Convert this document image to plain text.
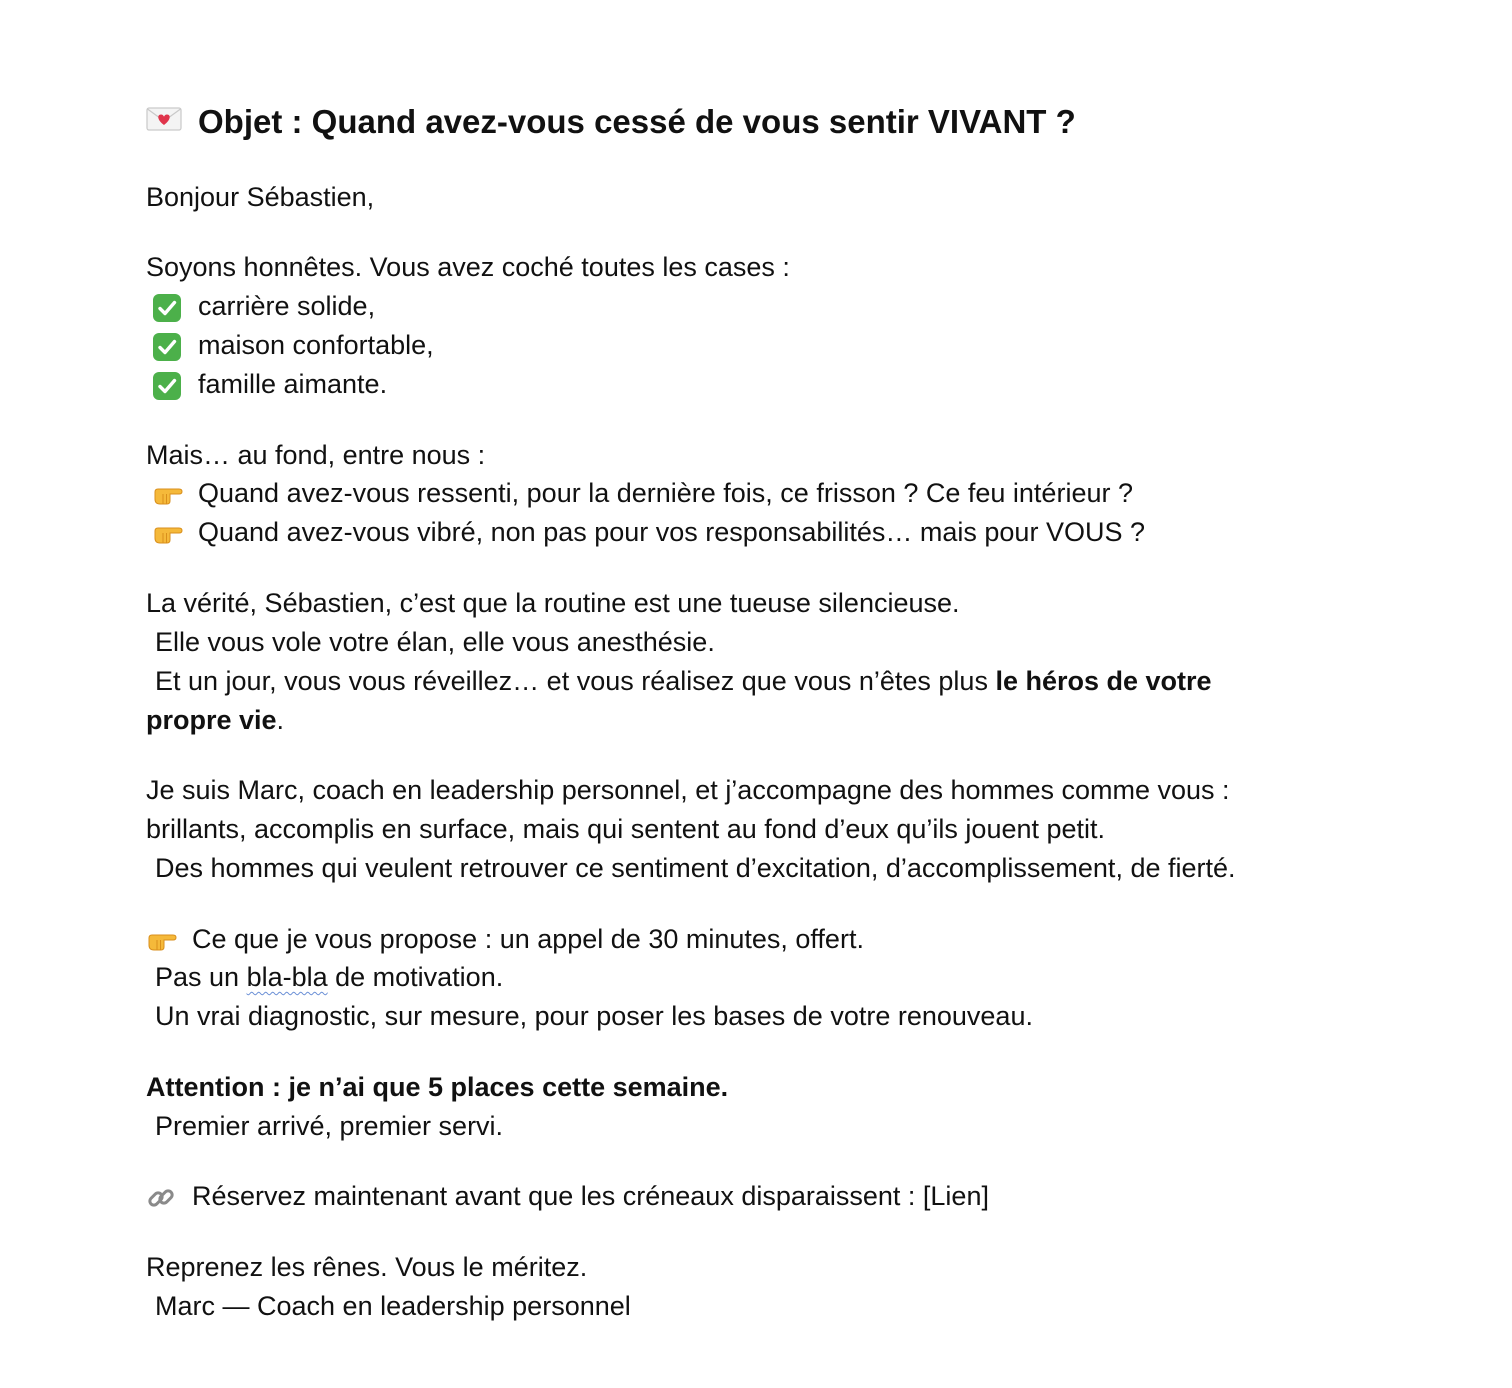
Objet : Quand avez-vous cessé de vous sentir VIVANT ?
Bonjour Sébastien,
Soyons honnêtes. Vous avez coché toutes les cases :
carrière solide,
maison confortable,
famille aimante.
Mais… au fond, entre nous :
Quand avez-vous ressenti, pour la dernière fois, ce frisson ? Ce feu intérieur ?
Quand avez-vous vibré, non pas pour vos responsabilités… mais pour VOUS ?
La vérité, Sébastien, c’est que la routine est une tueuse silencieuse.
Elle vous vole votre élan, elle vous anesthésie.
Et un jour, vous vous réveillez… et vous réalisez que vous n’êtes plus le héros de votre
propre vie.
Je suis Marc, coach en leadership personnel, et j’accompagne des hommes comme vous :
brillants, accomplis en surface, mais qui sentent au fond d’eux qu’ils jouent petit.
Des hommes qui veulent retrouver ce sentiment d’excitation, d’accomplissement, de fierté.
Ce que je vous propose : un appel de 30 minutes, offert.
Pas un bla-bla de motivation.
Un vrai diagnostic, sur mesure, pour poser les bases de votre renouveau.
Attention : je n’ai que 5 places cette semaine.
Premier arrivé, premier servi.
Réservez maintenant avant que les créneaux disparaissent : [Lien]
Reprenez les rênes. Vous le méritez.
Marc — Coach en leadership personnel
